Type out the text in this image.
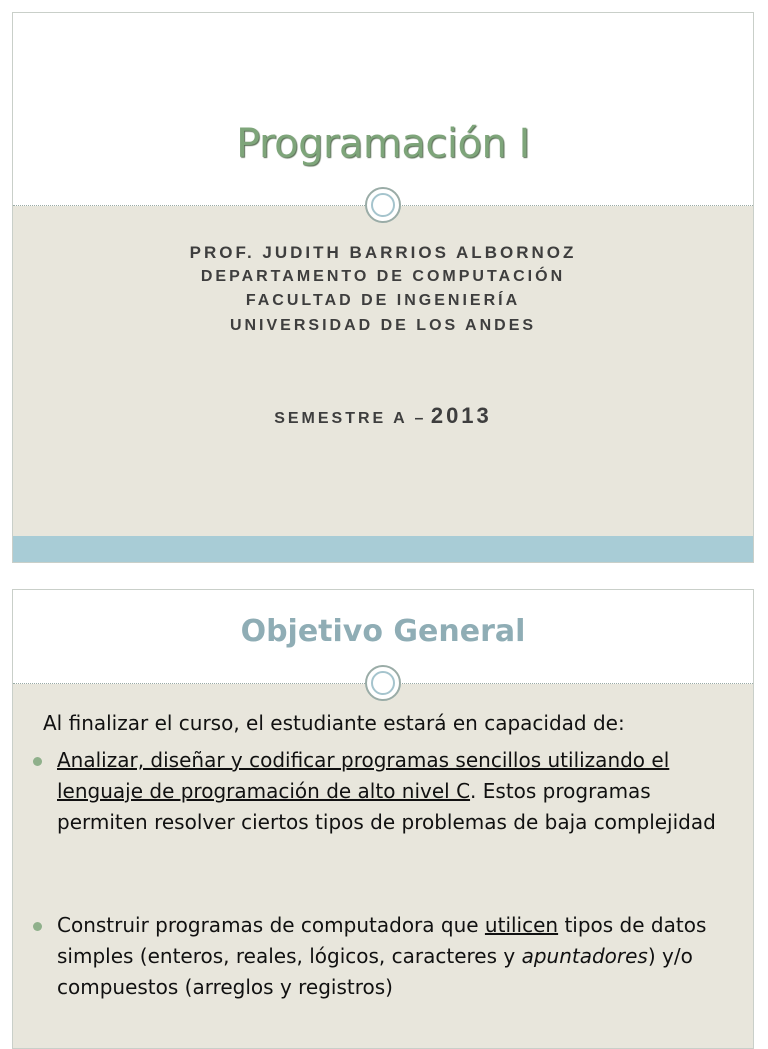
Programación I
PROF. JUDITH BARRIOS ALBORNOZ
DEPARTAMENTO DE COMPUTACIÓN
FACULTAD DE INGENIERÍA
UNIVERSIDAD DE LOS ANDES
SEMESTRE A – 2013
Objetivo General
Al finalizar el curso, el estudiante estará en capacidad de:
Analizar, diseñar y codificar programas sencillos utilizando el lenguaje de programación de alto nivel C. Estos programas permiten resolver ciertos tipos de problemas de baja complejidad
Construir programas de computadora que utilicen tipos de datos simples (enteros, reales, lógicos, caracteres y apuntadores) y/o compuestos (arreglos y registros)
